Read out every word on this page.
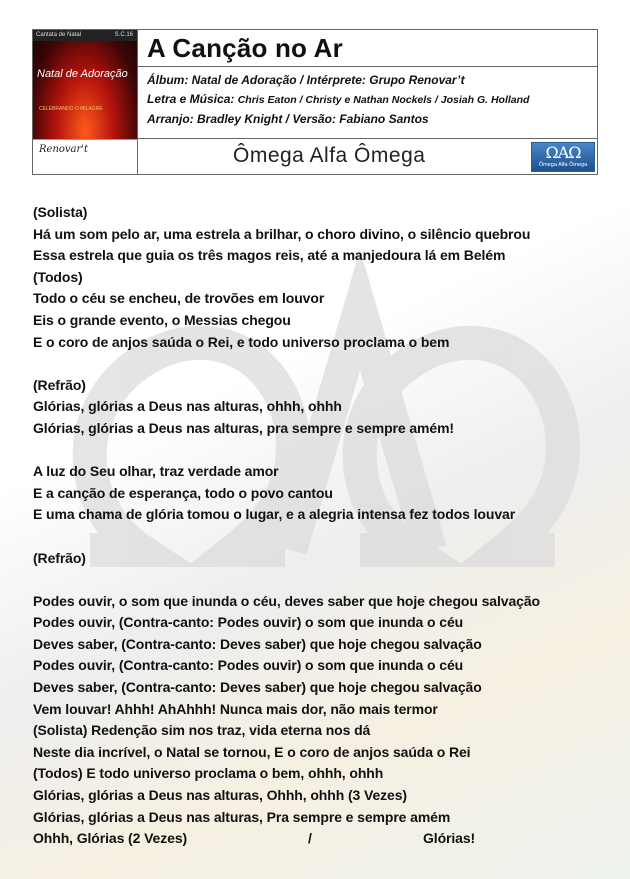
Cantata de Natal	S.C.16
Natal de Adoração
CELEBRANDO O MILAGRE
Renovar't
A Canção no Ar
Álbum: Natal de Adoração / Intérprete: Grupo Renovar’t
Letra e Música: Chris Eaton / Christy e Nathan Nockels / Josiah G. Holland
Arranjo: Bradley Knight / Versão: Fabiano Santos
Ômega Alfa Ômega	ΩΑΩ
Ômega Alfa Ômega
(Solista)
Há um som pelo ar, uma estrela a brilhar, o choro divino, o silêncio quebrou
Essa estrela que guia os três magos reis, até a manjedoura lá em Belém
(Todos)
Todo o céu se encheu, de trovões em louvor
Eis o grande evento, o Messias chegou
E o coro de anjos saúda o Rei, e todo universo proclama o bem
(Refrão)
Glórias, glórias a Deus nas alturas, ohhh, ohhh
Glórias, glórias a Deus nas alturas, pra sempre e sempre amém!
A luz do Seu olhar, traz verdade amor
E a canção de esperança, todo o povo cantou
E uma chama de glória tomou o lugar, e a alegria intensa fez todos louvar
(Refrão)
Podes ouvir, o som que inunda o céu, deves saber que hoje chegou salvação
Podes ouvir, (Contra-canto: Podes ouvir) o som que inunda o céu
Deves saber, (Contra-canto: Deves saber) que hoje chegou salvação
Podes ouvir, (Contra-canto: Podes ouvir) o som que inunda o céu
Deves saber, (Contra-canto: Deves saber) que hoje chegou salvação
Vem louvar! Ahhh! AhAhhh! Nunca mais dor, não mais termor
(Solista) Redenção sim nos traz, vida eterna nos dá
Neste dia incrível, o Natal se tornou, E o coro de anjos saúda o Rei
(Todos) E todo universo proclama o bem, ohhh, ohhh
Glórias, glórias a Deus nas alturas, Ohhh, ohhh (3 Vezes)
Glórias, glórias a Deus nas alturas, Pra sempre e sempre amém
Ohhh, Glórias (2 Vezes)	/	Glórias!
